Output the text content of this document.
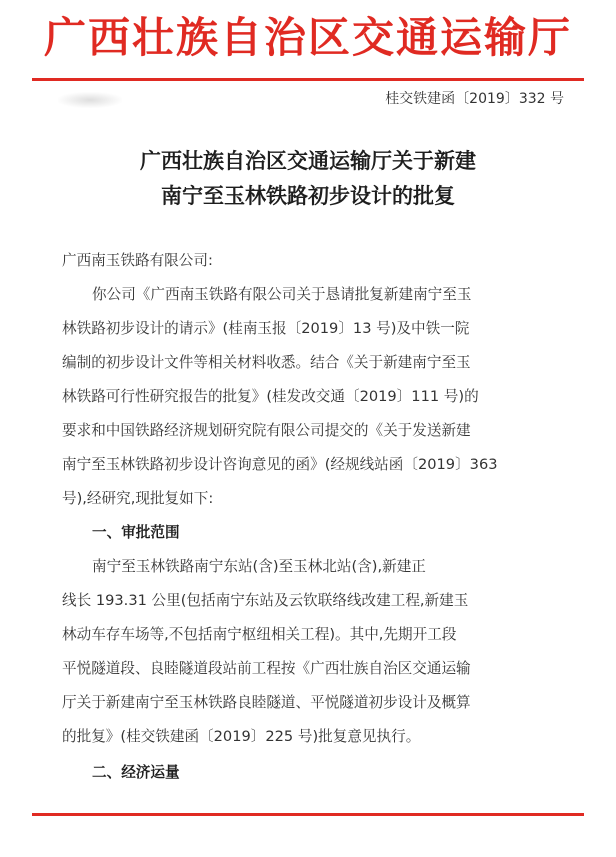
广西壮族自治区交通运输厅
桂交铁建函〔2019〕332 号
广西壮族自治区交通运输厅关于新建
南宁至玉林铁路初步设计的批复
广西南玉铁路有限公司:
你公司《广西南玉铁路有限公司关于恳请批复新建南宁至玉
林铁路初步设计的请示》(桂南玉报〔2019〕13 号)及中铁一院
编制的初步设计文件等相关材料收悉。结合《关于新建南宁至玉
林铁路可行性研究报告的批复》(桂发改交通〔2019〕111 号)的
要求和中国铁路经济规划研究院有限公司提交的《关于发送新建
南宁至玉林铁路初步设计咨询意见的函》(经规线站函〔2019〕363
号),经研究,现批复如下:
一、审批范围
南宁至玉林铁路南宁东站(含)至玉林北站(含),新建正
线长 193.31 公里(包括南宁东站及云钦联络线改建工程,新建玉
林动车存车场等,不包括南宁枢纽相关工程)。其中,先期开工段
平悦隧道段、良睦隧道段站前工程按《广西壮族自治区交通运输
厅关于新建南宁至玉林铁路良睦隧道、平悦隧道初步设计及概算
的批复》(桂交铁建函〔2019〕225 号)批复意见执行。
二、经济运量
